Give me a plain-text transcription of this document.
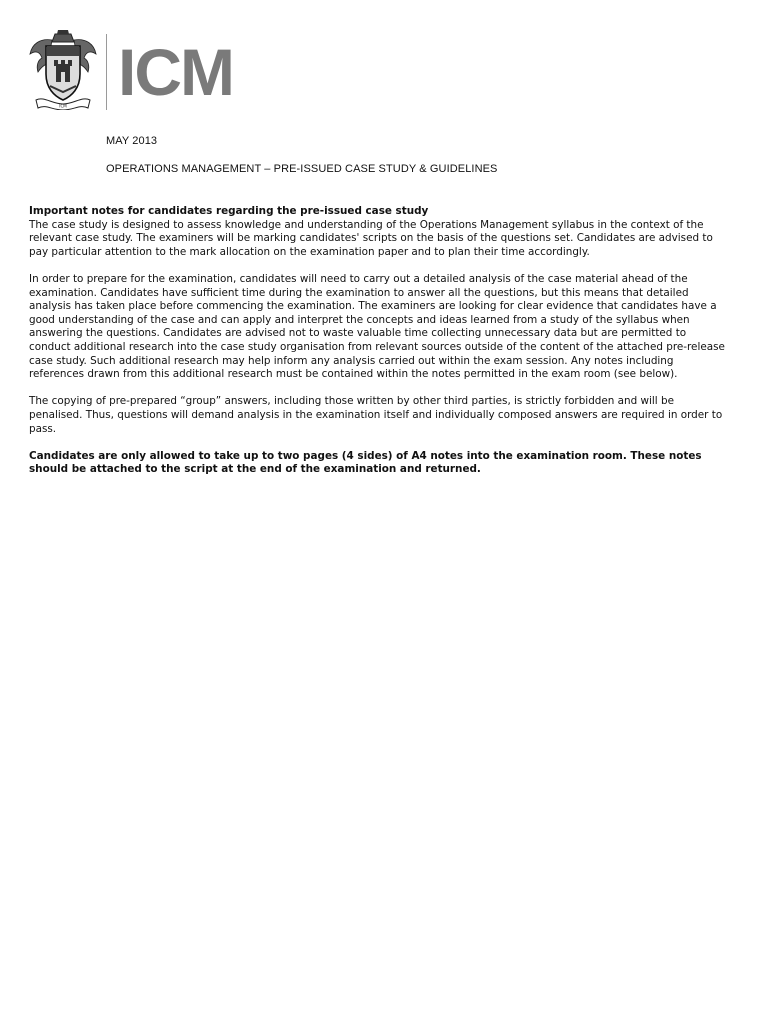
ICM ICM
MAY 2013
OPERATIONS MANAGEMENT – PRE-ISSUED CASE STUDY & GUIDELINES
Important notes for candidates regarding the pre-issued case study

The case study is designed to assess knowledge and understanding of the Operations Management syllabus in the context of the relevant case study. The examiners will be marking candidates' scripts on the basis of the questions set. Candidates are advised to pay particular attention to the mark allocation on the examination paper and to plan their time accordingly.

In order to prepare for the examination, candidates will need to carry out a detailed analysis of the case material ahead of the examination. Candidates have sufficient time during the examination to answer all the questions, but this means that detailed analysis has taken place before commencing the examination. The examiners are looking for clear evidence that candidates have a good understanding of the case and can apply and interpret the concepts and ideas learned from a study of the syllabus when answering the questions. Candidates are advised not to waste valuable time collecting unnecessary data but are permitted to conduct additional research into the case study organisation from relevant sources outside of the content of the attached pre-release case study. Such additional research may help inform any analysis carried out within the exam session. Any notes including references drawn from this additional research must be contained within the notes permitted in the exam room (see below).

The copying of pre-prepared “group” answers, including those written by other third parties, is strictly forbidden and will be penalised. Thus, questions will demand analysis in the examination itself and individually composed answers are required in order to pass.

Candidates are only allowed to take up to two pages (4 sides) of A4 notes into the examination room. These notes should be attached to the script at the end of the examination and returned.
